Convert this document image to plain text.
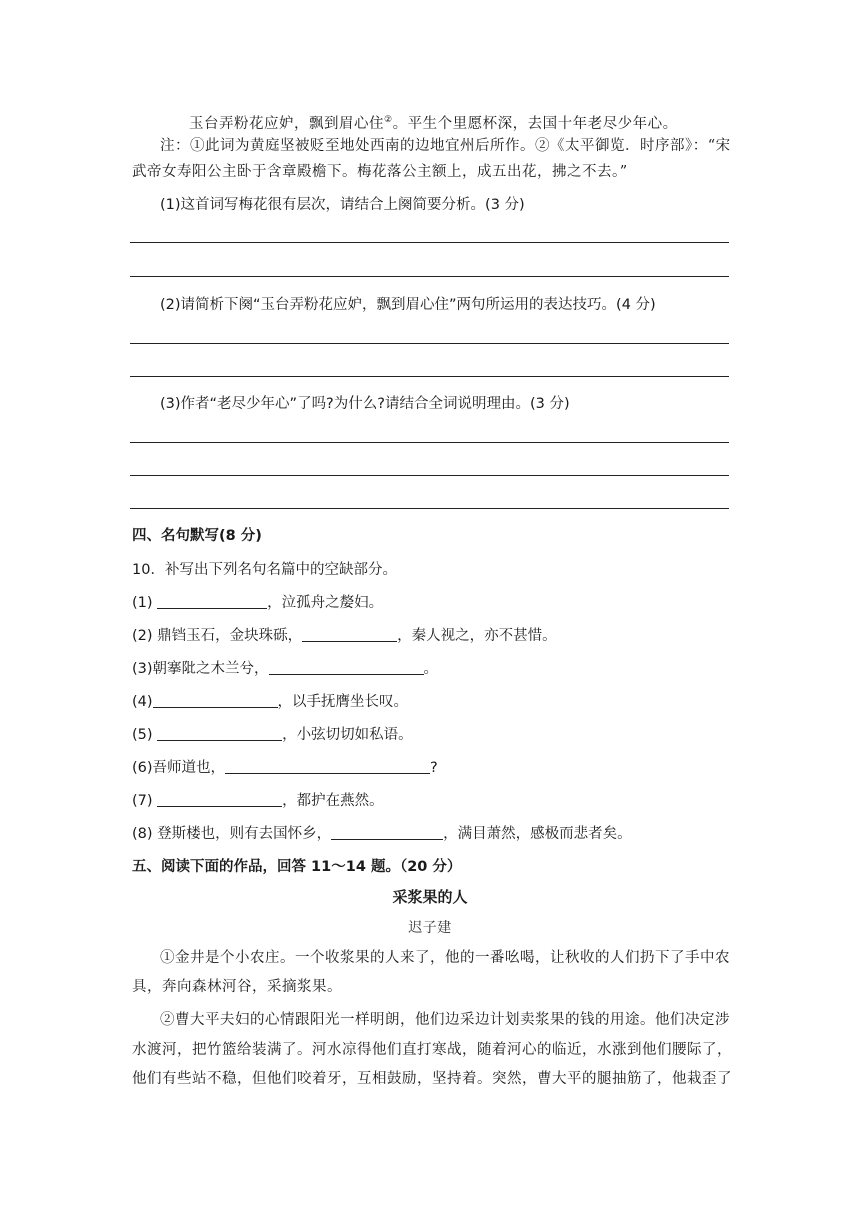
玉台弄粉花应妒，飘到眉心住②。平生个里愿杯深，去国十年老尽少年心。
注：①此词为黄庭坚被贬至地处西南的边地宜州后所作。②《太平御览．时序部》：“宋
武帝女寿阳公主卧于含章殿檐下。梅花落公主额上，成五出花，拂之不去。”
(1)这首词写梅花很有层次，请结合上阕简要分析。(3 分)
(2)请简析下阕“玉台弄粉花应妒，飘到眉心住”两句所运用的表达技巧。(4 分)
(3)作者“老尽少年心”了吗?为什么?请结合全词说明理由。(3 分)
四、名句默写(8 分)
10．补写出下列名句名篇中的空缺部分。
(1)	，泣孤舟之嫠妇。
(2) 鼎铛玉石，金块珠砾，	，秦人视之，亦不甚惜。
(3)朝搴阰之木兰兮，	。
(4)	，以手抚膺坐长叹。
(5)	，小弦切切如私语。
(6)吾师道也，	?
(7)	，都护在燕然。
(8) 登斯楼也，则有去国怀乡，	，满目萧然，感极而悲者矣。
五、阅读下面的作品，回答 11～14 题。（20 分）
采浆果的人
迟子建
①金井是个小农庄。一个收浆果的人来了，他的一番吆喝，让秋收的人们扔下了手中农
具，奔向森林河谷，采摘浆果。
②曹大平夫妇的心情跟阳光一样明朗，他们边采边计划卖浆果的钱的用途。他们决定涉
水渡河，把竹篮给装满了。河水凉得他们直打寒战，随着河心的临近，水涨到他们腰际了，
他们有些站不稳，但他们咬着牙，互相鼓励，坚持着。突然，曹大平的腿抽筋了，他栽歪了
